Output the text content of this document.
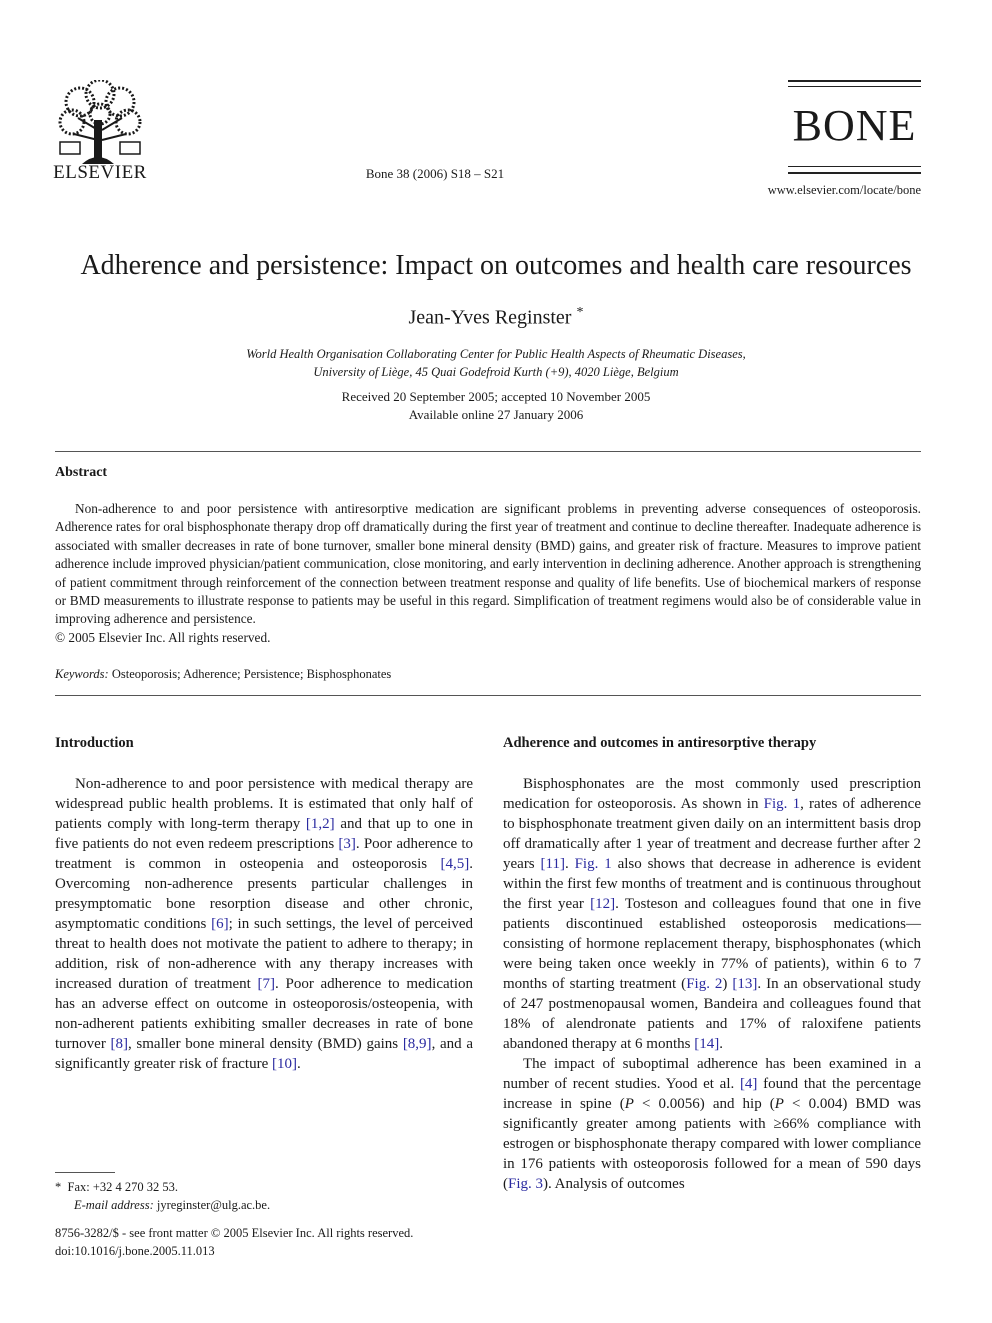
ELSEVIER	Bone 38 (2006) S18 – S21
BONE
www.elsevier.com/locate/bone
Adherence and persistence: Impact on outcomes and health care resources
Jean-Yves Reginster *
World Health Organisation Collaborating Center for Public Health Aspects of Rheumatic Diseases,
University of Liège, 45 Quai Godefroid Kurth (+9), 4020 Liège, Belgium
Received 20 September 2005; accepted 10 November 2005
Available online 27 January 2006
Abstract
Non-adherence to and poor persistence with antiresorptive medication are significant problems in preventing adverse consequences of osteoporosis. Adherence rates for oral bisphosphonate therapy drop off dramatically during the first year of treatment and continue to decline thereafter. Inadequate adherence is associated with smaller decreases in rate of bone turnover, smaller bone mineral density (BMD) gains, and greater risk of fracture. Measures to improve patient adherence include improved physician/patient communication, close monitoring, and early intervention in declining adherence. Another approach is strengthening of patient commitment through reinforcement of the connection between treatment response and quality of life benefits. Use of biochemical markers of response or BMD measurements to illustrate response to patients may be useful in this regard. Simplification of treatment regimens would also be of considerable value in improving adherence and persistence.
© 2005 Elsevier Inc. All rights reserved.
Keywords: Osteoporosis; Adherence; Persistence; Bisphosphonates
Introduction

Non-adherence to and poor persistence with medical therapy are widespread public health problems. It is estimated that only half of patients comply with long-term therapy [1,2] and that up to one in five patients do not even redeem prescriptions [3]. Poor adherence to treatment is common in osteopenia and osteoporosis [4,5]. Overcoming non-adherence presents particular challenges in presymptomatic bone resorption disease and other chronic, asymptomatic conditions [6]; in such settings, the level of perceived threat to health does not motivate the patient to adhere to therapy; in addition, risk of non-adherence with any therapy increases with increased duration of treatment [7]. Poor adherence to medication has an adverse effect on outcome in osteoporosis/osteopenia, with non-adherent patients exhibiting smaller decreases in rate of bone turnover [8], smaller bone mineral density (BMD) gains [8,9], and a significantly greater risk of fracture [10].

Adherence and outcomes in antiresorptive therapy

Bisphosphonates are the most commonly used prescription medication for osteoporosis. As shown in Fig. 1, rates of adherence to bisphosphonate treatment given daily on an intermittent basis drop off dramatically after 1 year of treatment and decrease further after 2 years [11]. Fig. 1 also shows that decrease in adherence is evident within the first few months of treatment and is continuous throughout the first year [12]. Tosteson and colleagues found that one in five patients discontinued established osteoporosis medications—consisting of hormone replacement therapy, bisphosphonates (which were being taken once weekly in 77% of patients), within 6 to 7 months of starting treatment (Fig. 2) [13]. In an observational study of 247 postmenopausal women, Bandeira and colleagues found that 18% of alendronate patients and 17% of raloxifene patients abandoned therapy at 6 months [14].

The impact of suboptimal adherence has been examined in a number of recent studies. Yood et al. [4] found that the percentage increase in spine (P < 0.0056) and hip (P < 0.004) BMD was significantly greater among patients with ≥66% compliance with estrogen or bisphosphonate therapy compared with lower compliance in 176 patients with osteoporosis followed for a mean of 590 days (Fig. 3). Analysis of outcomes

* Fax: +32 4 270 32 53.
E-mail address: jyreginster@ulg.ac.be.
8756-3282/$ - see front matter © 2005 Elsevier Inc. All rights reserved.
doi:10.1016/j.bone.2005.11.013
